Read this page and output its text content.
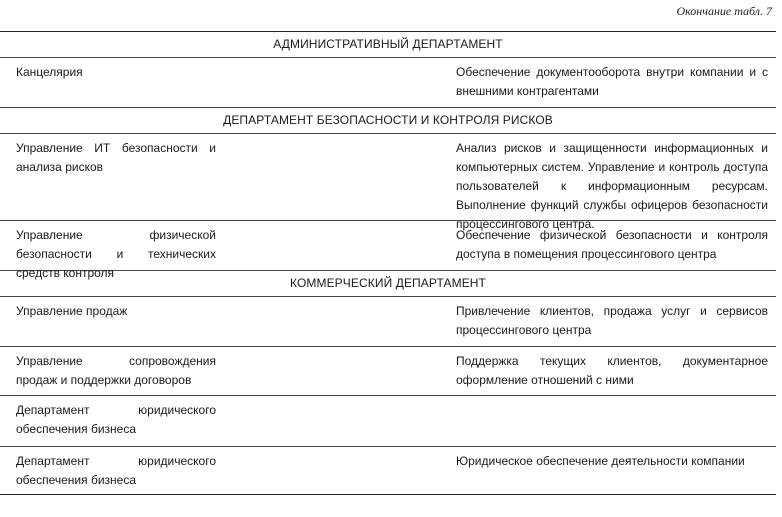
Окончание табл. 7
АДМИНИСТРАТИВНЫЙ ДЕПАРТАМЕНТ
Канцелярия	Обеспечение документооборота внутри компании и с внешними контрагентами
ДЕПАРТАМЕНТ БЕЗОПАСНОСТИ И КОНТРОЛЯ РИСКОВ
Управление ИТ безопасности и анализа рисков
Анализ рисков и защищенности информационных и компьютерных систем. Управление и контроль доступа пользователей к информационным ресурсам. Выполнение функций службы офицеров безопасности процессингового центра.
Управление физической безопасности и технических средств контроля
Обеспечение физической безопасности и контроля доступа в помещения процессингового центра
КОММЕРЧЕСКИЙ ДЕПАРТАМЕНТ
Управление продаж	Привлечение клиентов, продажа услуг и сервисов процессингового центра
Управление сопровождения продаж и поддержки договоров
Поддержка текущих клиентов, документарное оформление отношений с ними
Департамент юридического обеспечения бизнеса
Департамент юридического обеспечения бизнеса
Юридическое обеспечение деятельности компании
